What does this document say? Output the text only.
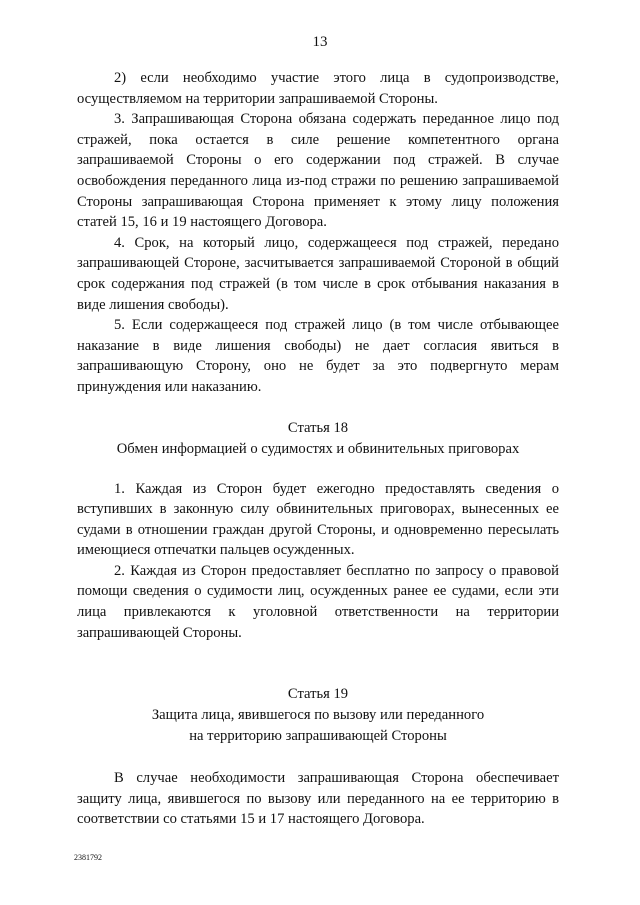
13

2) если необходимо участие этого лица в судопроизводстве, осуществляемом на территории запрашиваемой Стороны.

3. Запрашивающая Сторона обязана содержать переданное лицо под стражей, пока остается в силе решение компетентного органа запрашиваемой Стороны о его содержании под стражей. В случае освобождения переданного лица из-под стражи по решению запрашиваемой Стороны запрашивающая Сторона применяет к этому лицу положения статей 15, 16 и 19 настоящего Договора.

4. Срок, на который лицо, содержащееся под стражей, передано запрашивающей Стороне, засчитывается запрашиваемой Стороной в общий срок содержания под стражей (в том числе в срок отбывания наказания в виде лишения свободы).

5. Если содержащееся под стражей лицо (в том числе отбывающее наказание в виде лишения свободы) не дает согласия явиться в запрашивающую Сторону, оно не будет за это подвергнуто мерам принуждения или наказанию.

Статья 18
Обмен информацией о судимостях и обвинительных приговорах

1. Каждая из Сторон будет ежегодно предоставлять сведения о вступивших в законную силу обвинительных приговорах, вынесенных ее судами в отношении граждан другой Стороны, и одновременно пересылать имеющиеся отпечатки пальцев осужденных.

2. Каждая из Сторон предоставляет бесплатно по запросу о правовой помощи сведения о судимости лиц, осужденных ранее ее судами, если эти лица привлекаются к уголовной ответственности на территории запрашивающей Стороны.

Статья 19
Защита лица, явившегося по вызову или переданного
на территорию запрашивающей Стороны

В случае необходимости запрашивающая Сторона обеспечивает защиту лица, явившегося по вызову или переданного на ее территорию в соответствии со статьями 15 и 17 настоящего Договора.

2381792
